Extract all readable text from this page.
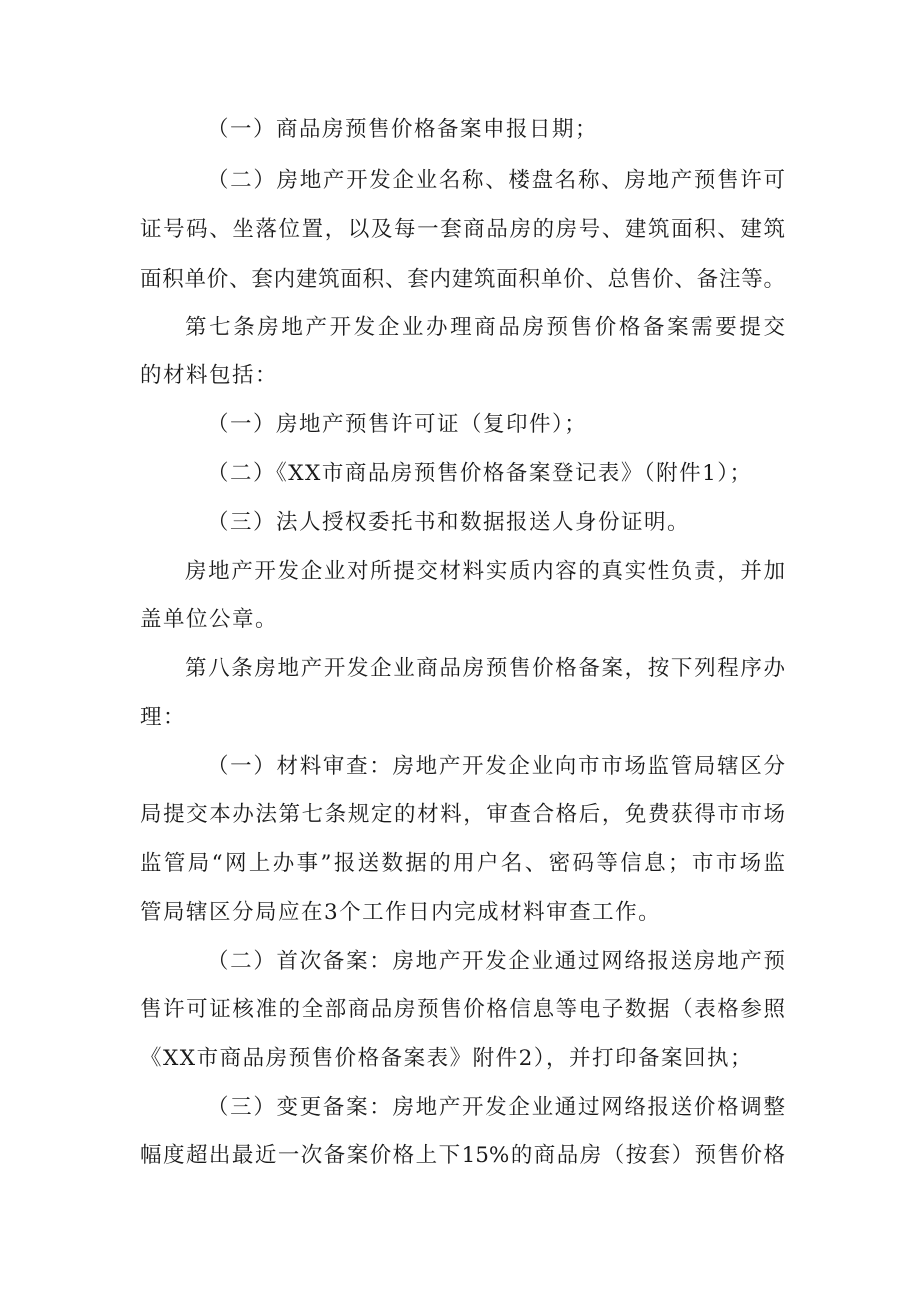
（一）商品房预售价格备案申报日期；

（二）房地产开发企业名称、楼盘名称、房地产预售许可

证号码、坐落位置，以及每一套商品房的房号、建筑面积、建筑

面积单价、套内建筑面积、套内建筑面积单价、总售价、备注等。

第七条房地产开发企业办理商品房预售价格备案需要提交

的材料包括：

（一）房地产预售许可证（复印件）；

（二）《XX市商品房预售价格备案登记表》（附件1）；

（三）法人授权委托书和数据报送人身份证明。

房地产开发企业对所提交材料实质内容的真实性负责，并加

盖单位公章。

第八条房地产开发企业商品房预售价格备案，按下列程序办

理：

（一）材料审查：房地产开发企业向市市场监管局辖区分

局提交本办法第七条规定的材料，审查合格后，免费获得市市场

监管局“网上办事”报送数据的用户名、密码等信息；市市场监

管局辖区分局应在3个工作日内完成材料审查工作。

（二）首次备案：房地产开发企业通过网络报送房地产预

售许可证核准的全部商品房预售价格信息等电子数据（表格参照

《XX市商品房预售价格备案表》附件2），并打印备案回执；

（三）变更备案：房地产开发企业通过网络报送价格调整

幅度超出最近一次备案价格上下15%的商品房（按套）预售价格
